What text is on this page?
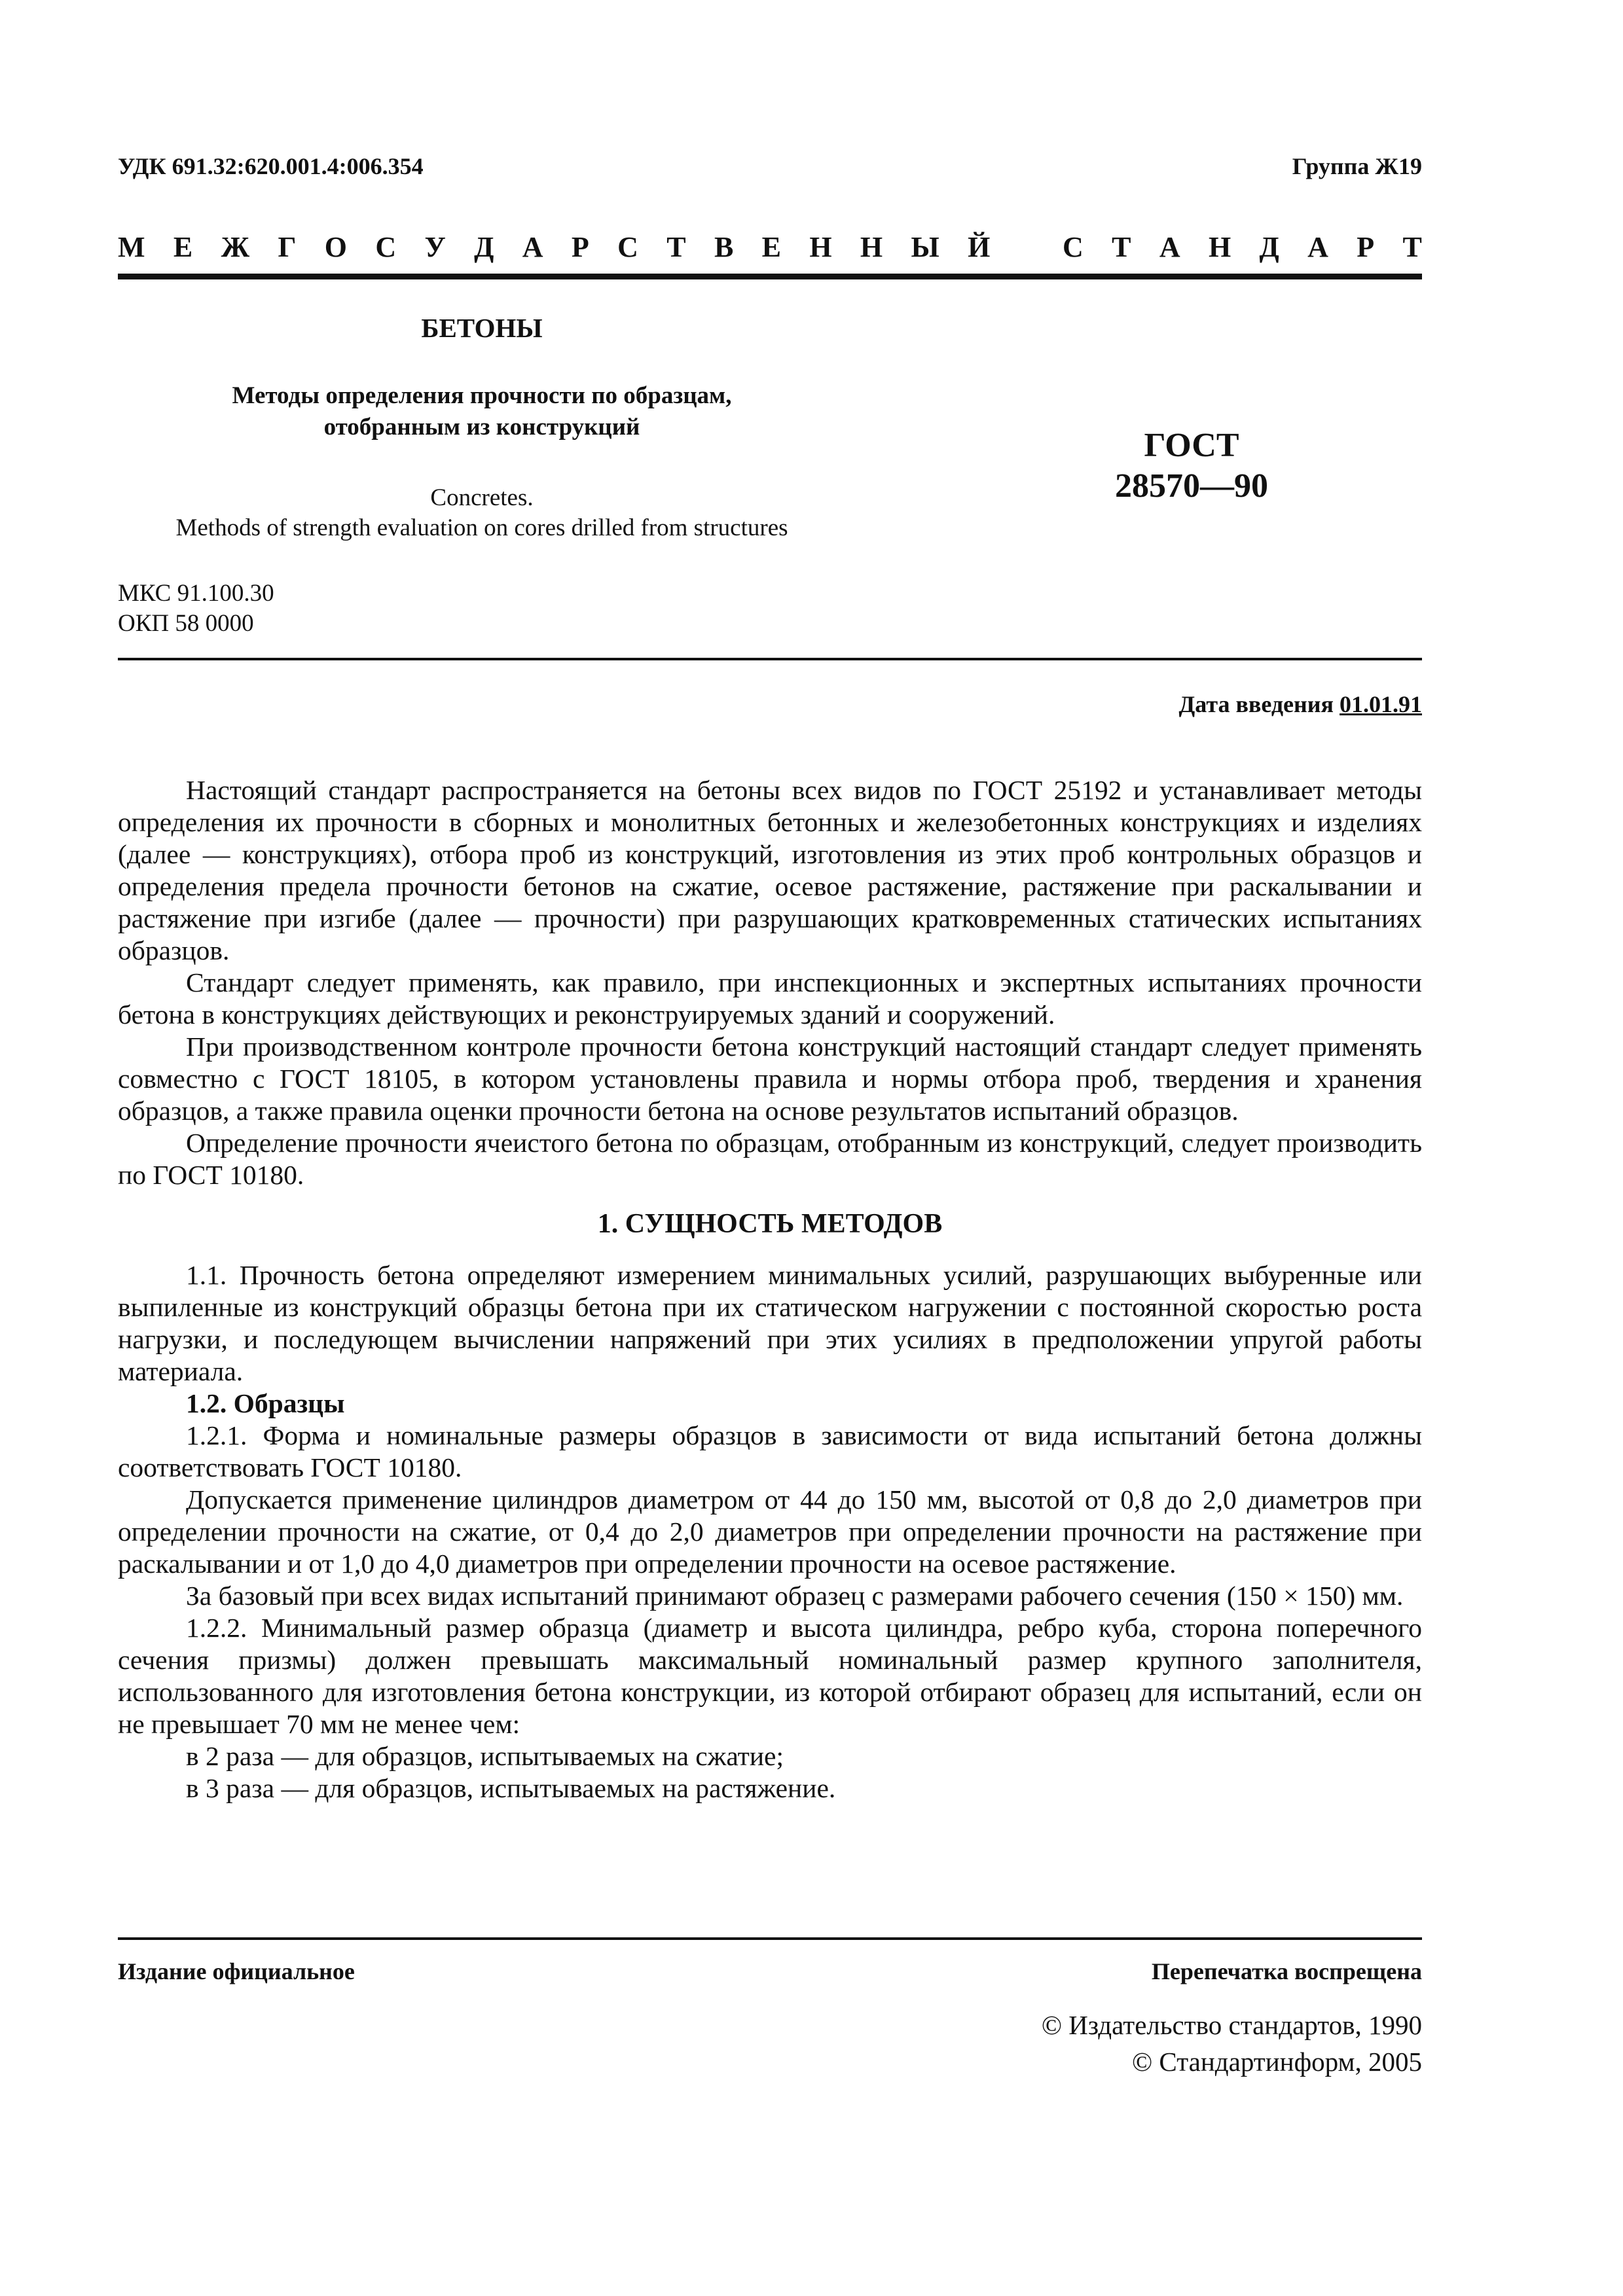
УДК 691.32:620.001.4:006.354	Группа Ж19
М Е Ж Г О С У Д А Р С Т В Е Н Н Ы Й	С Т А Н Д А Р Т
БЕТОНЫ
Методы определения прочности по образцам,
отобранным из конструкций
Concretes.
Methods of strength evaluation on cores drilled from structures
ГОСТ
28570—90
МКС 91.100.30
ОКП 58 0000
Дата введения 01.01.91

Настоящий стандарт распространяется на бетоны всех видов по ГОСТ 25192 и устанавливает методы определения их прочности в сборных и монолитных бетонных и железобетонных конструкциях и изделиях (далее — конструкциях), отбора проб из конструкций, изготовления из этих проб контрольных образцов и определения предела прочности бетонов на сжатие, осевое растяжение, растяжение при раскалывании и растяжение при изгибе (далее — прочности) при разрушающих кратковременных статических испытаниях образцов.

Стандарт следует применять, как правило, при инспекционных и экспертных испытаниях прочности бетона в конструкциях действующих и реконструируемых зданий и сооружений.

При производственном контроле прочности бетона конструкций настоящий стандарт следует применять совместно с ГОСТ 18105, в котором установлены правила и нормы отбора проб, твердения и хранения образцов, а также правила оценки прочности бетона на основе результатов испытаний образцов.

Определение прочности ячеистого бетона по образцам, отобранным из конструкций, следует производить по ГОСТ 10180.

1. СУЩНОСТЬ МЕТОДОВ

1.1. Прочность бетона определяют измерением минимальных усилий, разрушающих выбуренные или выпиленные из конструкций образцы бетона при их статическом нагружении с постоянной скоростью роста нагрузки, и последующем вычислении напряжений при этих усилиях в предположении упругой работы материала.

1.2. Образцы

1.2.1. Форма и номинальные размеры образцов в зависимости от вида испытаний бетона должны соответствовать ГОСТ 10180.

Допускается применение цилиндров диаметром от 44 до 150 мм, высотой от 0,8 до 2,0 диаметров при определении прочности на сжатие, от 0,4 до 2,0 диаметров при определении прочности на растяжение при раскалывании и от 1,0 до 4,0 диаметров при определении прочности на осевое растяжение.

За базовый при всех видах испытаний принимают образец с размерами рабочего сечения (150 × 150) мм.

1.2.2. Минимальный размер образца (диаметр и высота цилиндра, ребро куба, сторона поперечного сечения призмы) должен превышать максимальный номинальный размер крупного заполнителя, использованного для изготовления бетона конструкции, из которой отбирают образец для испытаний, если он не превышает 70 мм не менее чем:

в 2 раза — для образцов, испытываемых на сжатие;

в 3 раза — для образцов, испытываемых на растяжение.

Издание официальное	Перепечатка воспрещена
© Издательство стандартов, 1990
© Стандартинформ, 2005
